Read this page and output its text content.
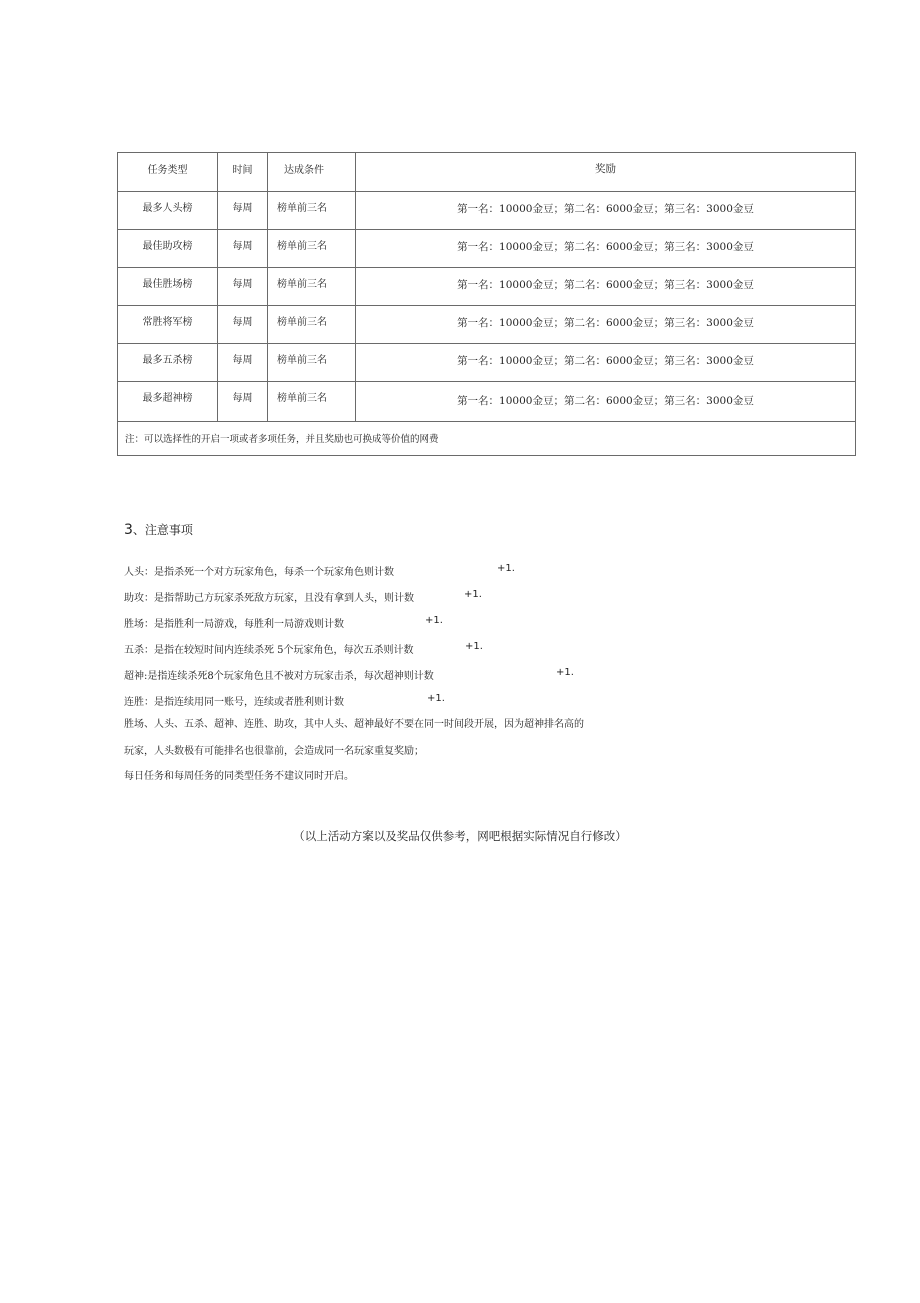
任务类型	时间	达成条件	奖励

最多人头榜	每周	榜单前三名	第一名：10000金豆；第二名：6000金豆；第三名：3000金豆

最佳助攻榜	每周	榜单前三名	第一名：10000金豆；第二名：6000金豆；第三名：3000金豆

最佳胜场榜	每周	榜单前三名	第一名：10000金豆；第二名：6000金豆；第三名：3000金豆

常胜将军榜	每周	榜单前三名	第一名：10000金豆；第二名：6000金豆；第三名：3000金豆

最多五杀榜	每周	榜单前三名	第一名：10000金豆；第二名：6000金豆；第三名：3000金豆

最多超神榜	每周	榜单前三名	第一名：10000金豆；第二名：6000金豆；第三名：3000金豆

注：可以选择性的开启一项或者多项任务，并且奖励也可换成等价值的网费			
3、注意事项
人头：是指杀死一个对方玩家角色，每杀一个玩家角色则计数	+1.
助攻：是指帮助己方玩家杀死敌方玩家，且没有拿到人头，则计数	+1.
胜场：是指胜利一局游戏，每胜利一局游戏则计数	+1.
五杀：是指在较短时间内连续杀死 5个玩家角色，每次五杀则计数	+1.
超神:是指连续杀死8个玩家角色且不被对方玩家击杀，每次超神则计数	+1.
连胜：是指连续用同一账号，连续或者胜利则计数	+1.
胜场、人头、五杀、超神、连胜、助攻，其中人头、超神最好不要在同一时间段开展，因为超神排名高的
玩家，人头数极有可能排名也很靠前，会造成同一名玩家重复奖励；
每日任务和每周任务的同类型任务不建议同时开启。
（以上活动方案以及奖品仅供参考，网吧根据实际情况自行修改）
